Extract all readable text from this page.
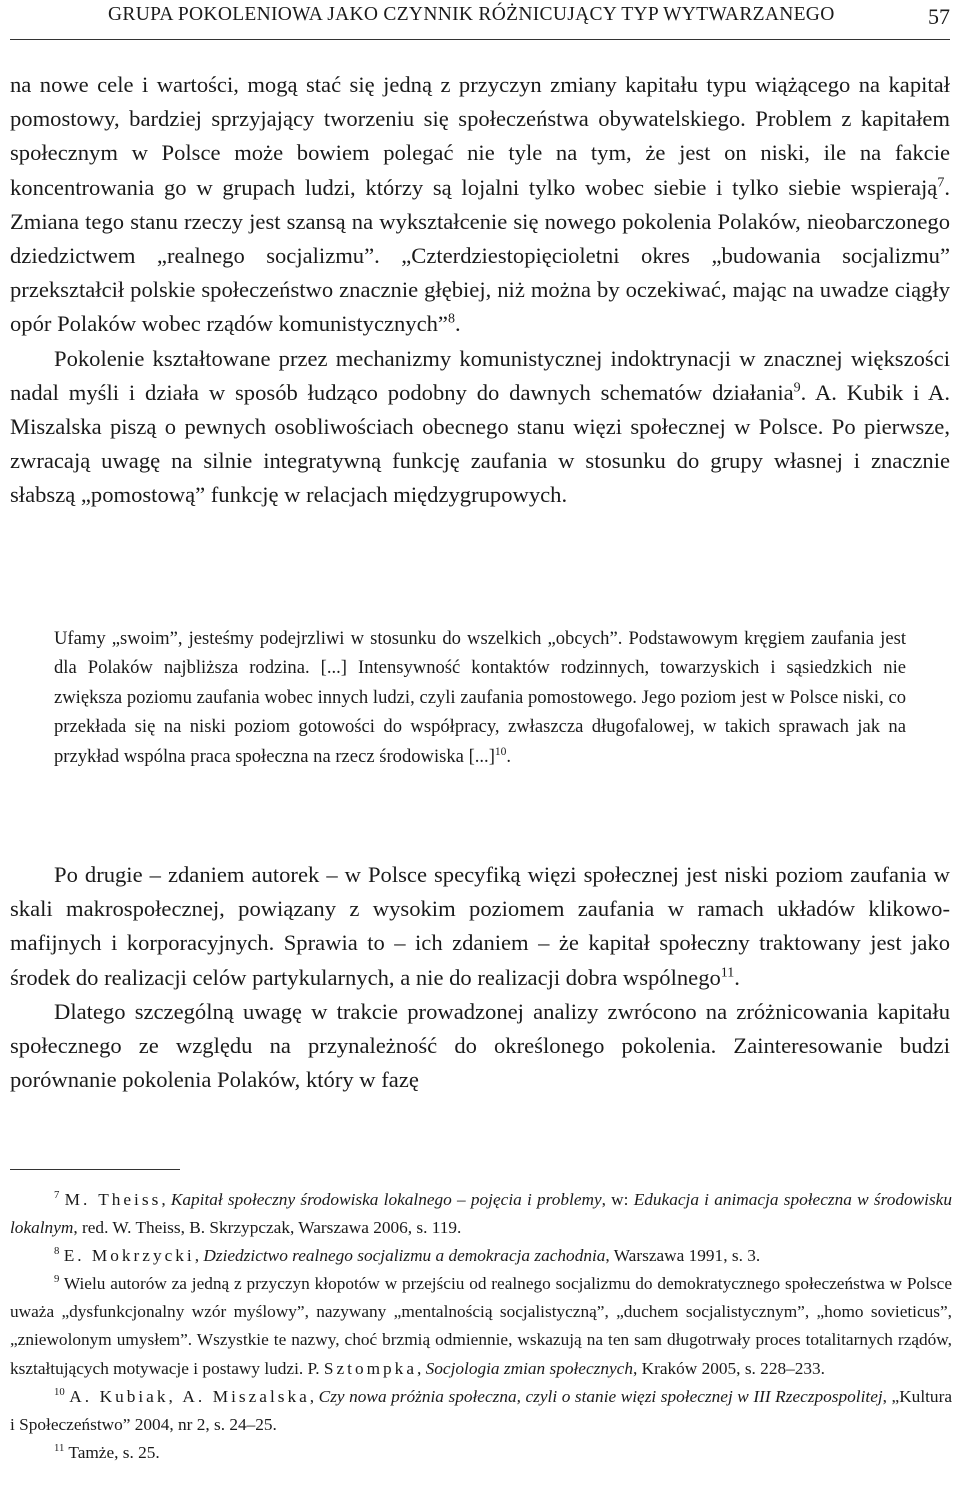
GRUPA POKOLENIOWA JAKO CZYNNIK RÓŻNICUJĄCY TYP WYTWARZANEGO	57

na nowe cele i wartości, mogą stać się jedną z przyczyn zmiany kapitału typu wiążącego na kapitał pomostowy, bardziej sprzyjający tworzeniu się społeczeństwa obywatelskiego. Problem z kapitałem społecznym w Polsce może bowiem polegać nie tyle na tym, że jest on niski, ile na fakcie koncentrowania go w grupach ludzi, którzy są lojalni tylko wobec siebie i tylko siebie wspierają$^7$. Zmiana tego stanu rzeczy jest szansą na wykształcenie się nowego pokolenia Polaków, nieobarczonego dziedzictwem „realnego socjalizmu”. „Czterdziestopięcioletni okres „budowania socjalizmu” przekształcił polskie społeczeństwo znacznie głębiej, niż można by oczekiwać, mając na uwadze ciągły opór Polaków wobec rządów komunistycznych”$^8$.

Pokolenie kształtowane przez mechanizmy komunistycznej indoktrynacji w znacznej większości nadal myśli i działa w sposób łudząco podobny do dawnych schematów działania$^9$. A. Kubik i A. Miszalska piszą o pewnych osobliwościach obecnego stanu więzi społecznej w Polsce. Po pierwsze, zwracają uwagę na silnie integratywną funkcję zaufania w stosunku do grupy własnej i znacznie słabszą „pomostową” funkcję w relacjach międzygrupowych.

Ufamy „swoim”, jesteśmy podejrzliwi w stosunku do wszelkich „obcych”. Podstawowym kręgiem zaufania jest dla Polaków najbliższa rodzina. [...] Intensywność kontaktów rodzinnych, towarzyskich i sąsiedzkich nie zwiększa poziomu zaufania wobec innych ludzi, czyli zaufania pomostowego. Jego poziom jest w Polsce niski, co przekłada się na niski poziom gotowości do współpracy, zwłaszcza długofalowej, w takich sprawach jak na przykład wspólna praca społeczna na rzecz środowiska [...]$^{10}$.

Po drugie – zdaniem autorek – w Polsce specyfiką więzi społecznej jest niski poziom zaufania w skali makrospołecznej, powiązany z wysokim poziomem zaufania w ramach układów klikowo-mafijnych i korporacyjnych. Sprawia to – ich zdaniem – że kapitał społeczny traktowany jest jako środek do realizacji celów partykularnych, a nie do realizacji dobra wspólnego$^{11}$.

Dlatego szczególną uwagę w trakcie prowadzonej analizy zwrócono na zróżnicowania kapitału społecznego ze względu na przynależność do określonego pokolenia. Zainteresowanie budzi porównanie pokolenia Polaków, który w fazę

$^7$ M. Theiss, Kapitał społeczny środowiska lokalnego – pojęcia i problemy, w: Edukacja i animacja społeczna w środowisku lokalnym, red. W. Theiss, B. Skrzypczak, Warszawa 2006, s. 119.

$^8$ E. Mokrzycki, Dziedzictwo realnego socjalizmu a demokracja zachodnia, Warszawa 1991, s. 3.

$^9$ Wielu autorów za jedną z przyczyn kłopotów w przejściu od realnego socjalizmu do demokratycznego społeczeństwa w Polsce uważa „dysfunkcjonalny wzór myślowy”, nazywany „mentalnością socjalistyczną”, „duchem socjalistycznym”, „homo sovieticus”, „zniewolonym umysłem”. Wszystkie te nazwy, choć brzmią odmiennie, wskazują na ten sam długotrwały proces totalitarnych rządów, kształtujących motywacje i postawy ludzi. P. Sztompka, Socjologia zmian społecznych, Kraków 2005, s. 228–233.

$^{10}$ A. Kubiak, A. Miszalska, Czy nowa próżnia społeczna, czyli o stanie więzi społecznej w III Rzeczpospolitej, „Kultura i Społeczeństwo” 2004, nr 2, s. 24–25.

$^{11}$ Tamże, s. 25.
